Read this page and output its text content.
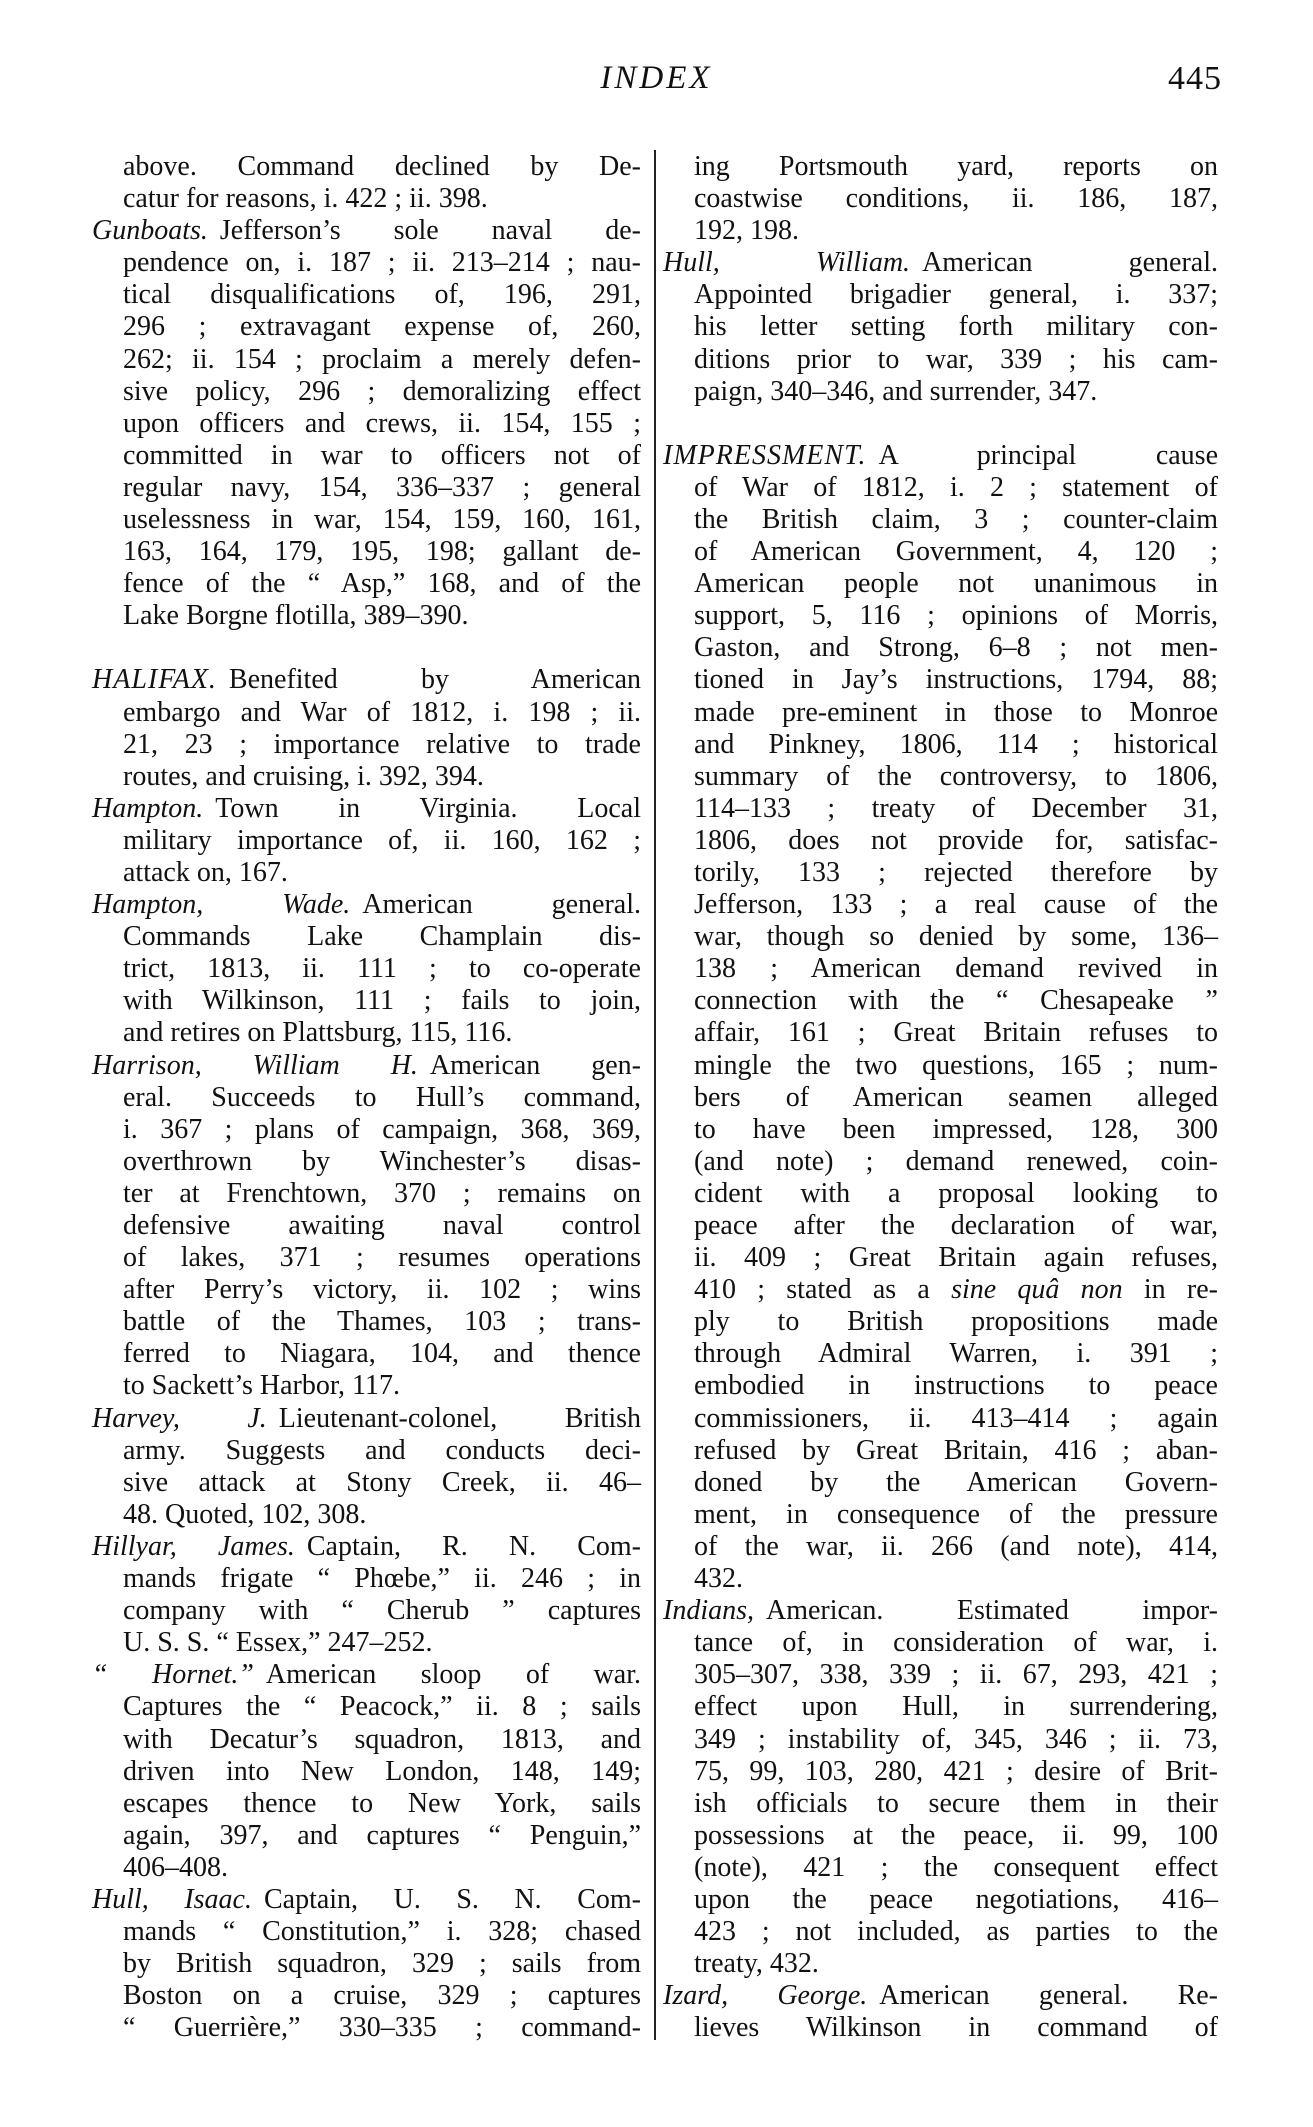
INDEX	445
above. Command declined by De-
catur for reasons, i. 422 ; ii. 398.
Gunboats. Jefferson’s sole naval de-
pendence on, i. 187 ; ii. 213–214 ; nau-
tical disqualifications of, 196, 291,
296 ; extravagant expense of, 260,
262; ii. 154 ; proclaim a merely defen-
sive policy, 296 ; demoralizing effect
upon officers and crews, ii. 154, 155 ;
committed in war to officers not of
regular navy, 154, 336–337 ; general
uselessness in war, 154, 159, 160, 161,
163, 164, 179, 195, 198; gallant de-
fence of the “ Asp,” 168, and of the
Lake Borgne flotilla, 389–390.
HALIFAX. Benefited by American
embargo and War of 1812, i. 198 ; ii.
21, 23 ; importance relative to trade
routes, and cruising, i. 392, 394.
Hampton. Town in Virginia. Local
military importance of, ii. 160, 162 ;
attack on, 167.
Hampton, Wade. American general.
Commands Lake Champlain dis-
trict, 1813, ii. 111 ; to co-operate
with Wilkinson, 111 ; fails to join,
and retires on Plattsburg, 115, 116.
Harrison, William H. American gen-
eral. Succeeds to Hull’s command,
i. 367 ; plans of campaign, 368, 369,
overthrown by Winchester’s disas-
ter at Frenchtown, 370 ; remains on
defensive awaiting naval control
of lakes, 371 ; resumes operations
after Perry’s victory, ii. 102 ; wins
battle of the Thames, 103 ; trans-
ferred to Niagara, 104, and thence
to Sackett’s Harbor, 117.
Harvey, J. Lieutenant-colonel, British
army. Suggests and conducts deci-
sive attack at Stony Creek, ii. 46–
48. Quoted, 102, 308.
Hillyar, James. Captain, R. N. Com-
mands frigate “ Phœbe,” ii. 246 ; in
company with “ Cherub ” captures
U. S. S. “ Essex,” 247–252.
“ Hornet.” American sloop of war.
Captures the “ Peacock,” ii. 8 ; sails
with Decatur’s squadron, 1813, and
driven into New London, 148, 149;
escapes thence to New York, sails
again, 397, and captures “ Penguin,”
406–408.
Hull, Isaac. Captain, U. S. N. Com-
mands “ Constitution,” i. 328; chased
by British squadron, 329 ; sails from
Boston on a cruise, 329 ; captures
“ Guerrière,” 330–335 ; command-
ing Portsmouth yard, reports on
coastwise conditions, ii. 186, 187,
192, 198.
Hull, William. American general.
Appointed brigadier general, i. 337;
his letter setting forth military con-
ditions prior to war, 339 ; his cam-
paign, 340–346, and surrender, 347.
IMPRESSMENT. A principal cause
of War of 1812, i. 2 ; statement of
the British claim, 3 ; counter-claim
of American Government, 4, 120 ;
American people not unanimous in
support, 5, 116 ; opinions of Morris,
Gaston, and Strong, 6–8 ; not men-
tioned in Jay’s instructions, 1794, 88;
made pre-eminent in those to Monroe
and Pinkney, 1806, 114 ; historical
summary of the controversy, to 1806,
114–133 ; treaty of December 31,
1806, does not provide for, satisfac-
torily, 133 ; rejected therefore by
Jefferson, 133 ; a real cause of the
war, though so denied by some, 136–
138 ; American demand revived in
connection with the “ Chesapeake ”
affair, 161 ; Great Britain refuses to
mingle the two questions, 165 ; num-
bers of American seamen alleged
to have been impressed, 128, 300
(and note) ; demand renewed, coin-
cident with a proposal looking to
peace after the declaration of war,
ii. 409 ; Great Britain again refuses,
410 ; stated as a sine quâ non in re-
ply to British propositions made
through Admiral Warren, i. 391 ;
embodied in instructions to peace
commissioners, ii. 413–414 ; again
refused by Great Britain, 416 ; aban-
doned by the American Govern-
ment, in consequence of the pressure
of the war, ii. 266 (and note), 414,
432.
Indians, American. Estimated impor-
tance of, in consideration of war, i.
305–307, 338, 339 ; ii. 67, 293, 421 ;
effect upon Hull, in surrendering,
349 ; instability of, 345, 346 ; ii. 73,
75, 99, 103, 280, 421 ; desire of Brit-
ish officials to secure them in their
possessions at the peace, ii. 99, 100
(note), 421 ; the consequent effect
upon the peace negotiations, 416–
423 ; not included, as parties to the
treaty, 432.
Izard, George. American general. Re-
lieves Wilkinson in command of
